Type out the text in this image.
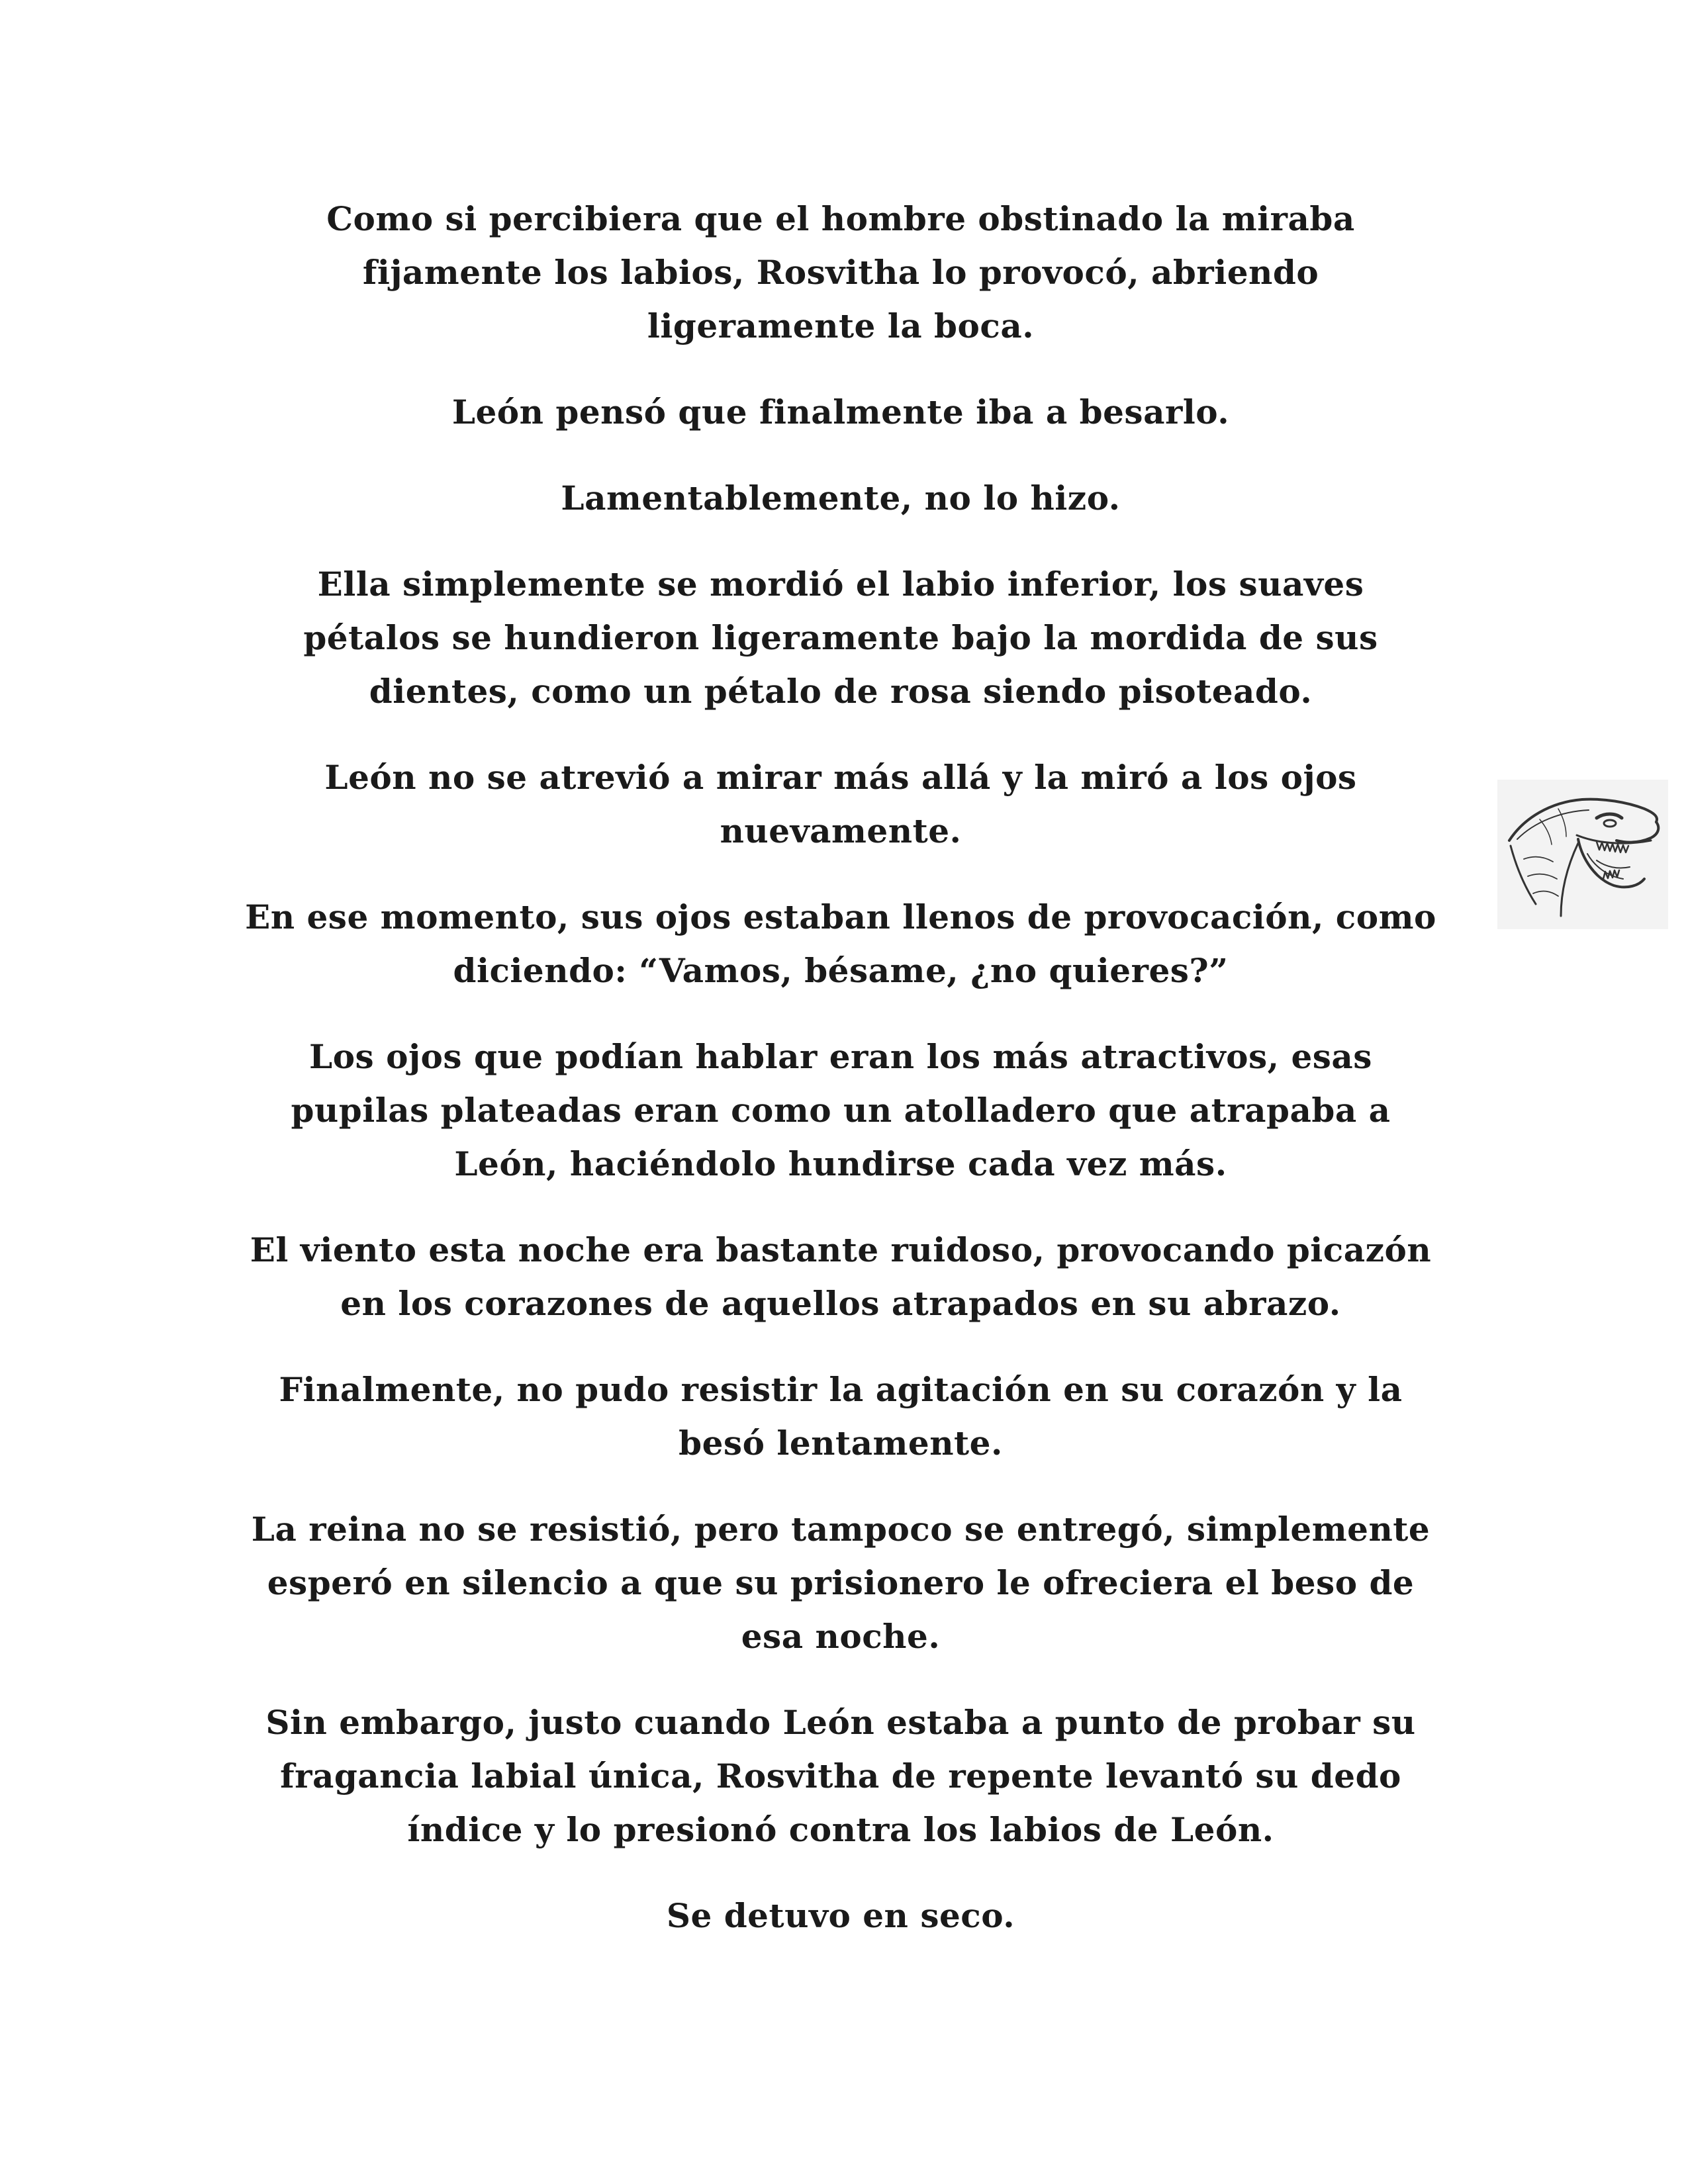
Como si percibiera que el hombre obstinado la miraba
fijamente los labios, Rosvitha lo provocó, abriendo
ligeramente la boca.

León pensó que finalmente iba a besarlo.

Lamentablemente, no lo hizo.

Ella simplemente se mordió el labio inferior, los suaves
pétalos se hundieron ligeramente bajo la mordida de sus
dientes, como un pétalo de rosa siendo pisoteado.

León no se atrevió a mirar más allá y la miró a los ojos
nuevamente.

En ese momento, sus ojos estaban llenos de provocación, como
diciendo: “Vamos, bésame, ¿no quieres?”

Los ojos que podían hablar eran los más atractivos, esas
pupilas plateadas eran como un atolladero que atrapaba a
León, haciéndolo hundirse cada vez más.

El viento esta noche era bastante ruidoso, provocando picazón
en los corazones de aquellos atrapados en su abrazo.

Finalmente, no pudo resistir la agitación en su corazón y la
besó lentamente.

La reina no se resistió, pero tampoco se entregó, simplemente
esperó en silencio a que su prisionero le ofreciera el beso de
esa noche.

Sin embargo, justo cuando León estaba a punto de probar su
fragancia labial única, Rosvitha de repente levantó su dedo
índice y lo presionó contra los labios de León.

Se detuvo en seco.
